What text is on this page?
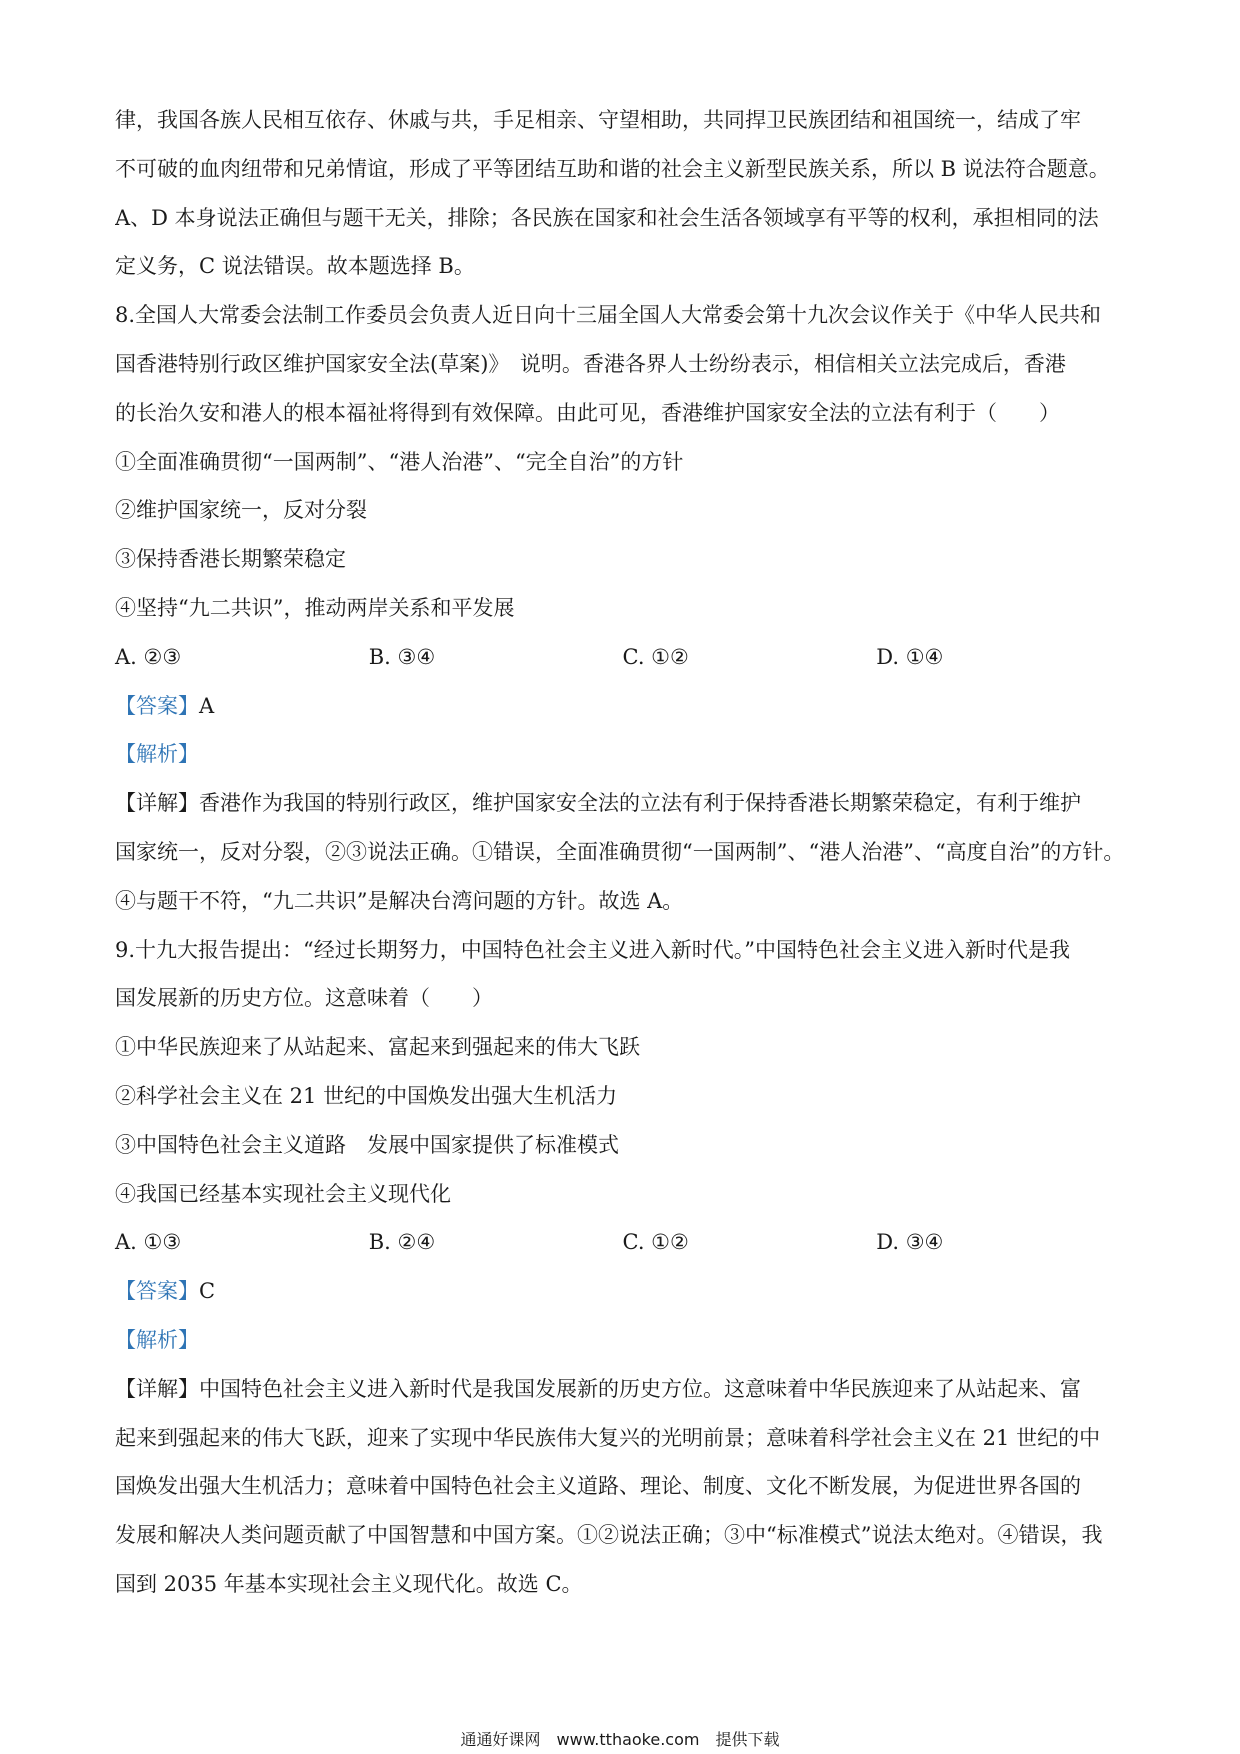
律，我国各族人民相互依存、休戚与共，手足相亲、守望相助，共同捍卫民族团结和祖国统一，结成了牢
不可破的血肉纽带和兄弟情谊，形成了平等团结互助和谐的社会主义新型民族关系，所以 B 说法符合题意。
A、D 本身说法正确但与题干无关，排除；各民族在国家和社会生活各领域享有平等的权利，承担相同的法
定义务，C 说法错误。故本题选择 B。
8.全国人大常委会法制工作委员会负责人近日向十三届全国人大常委会第十九次会议作关于《中华人民共和
国香港特别行政区维护国家安全法(草案)》　说明。香港各界人士纷纷表示，相信相关立法完成后，香港
的长治久安和港人的根本福祉将得到有效保障。由此可见，香港维护国家安全法的立法有利于（　　）
①全面准确贯彻“一国两制”、“港人治港”、“完全自治”的方针
②维护国家统一，反对分裂
③保持香港长期繁荣稳定
④坚持“九二共识”，推动两岸关系和平发展
A. ②③	B. ③④	C. ①②	D. ①④
【答案】A
【解析】
【详解】香港作为我国的特别行政区，维护国家安全法的立法有利于保持香港长期繁荣稳定，有利于维护
国家统一，反对分裂，②③说法正确。①错误，全面准确贯彻“一国两制”、“港人治港”、“高度自治”的方针。
④与题干不符，“九二共识”是解决台湾问题的方针。故选 A。
9.十九大报告提出：“经过长期努力，中国特色社会主义进入新时代。”中国特色社会主义进入新时代是我
国发展新的历史方位。这意味着（　　）
①中华民族迎来了从站起来、富起来到强起来的伟大飞跃
②科学社会主义在 21 世纪的中国焕发出强大生机活力
③中国特色社会主义道路　发展中国家提供了标准模式
④我国已经基本实现社会主义现代化
A. ①③	B. ②④	C. ①②	D. ③④
【答案】C
【解析】
【详解】中国特色社会主义进入新时代是我国发展新的历史方位。这意味着中华民族迎来了从站起来、富
起来到强起来的伟大飞跃，迎来了实现中华民族伟大复兴的光明前景；意味着科学社会主义在 21 世纪的中
国焕发出强大生机活力；意味着中国特色社会主义道路、理论、制度、文化不断发展，为促进世界各国的
发展和解决人类问题贡献了中国智慧和中国方案。①②说法正确；③中“标准模式”说法太绝对。④错误，我
国到 2035 年基本实现社会主义现代化。故选 C。
通通好课网　www.tthaoke.com　提供下载
